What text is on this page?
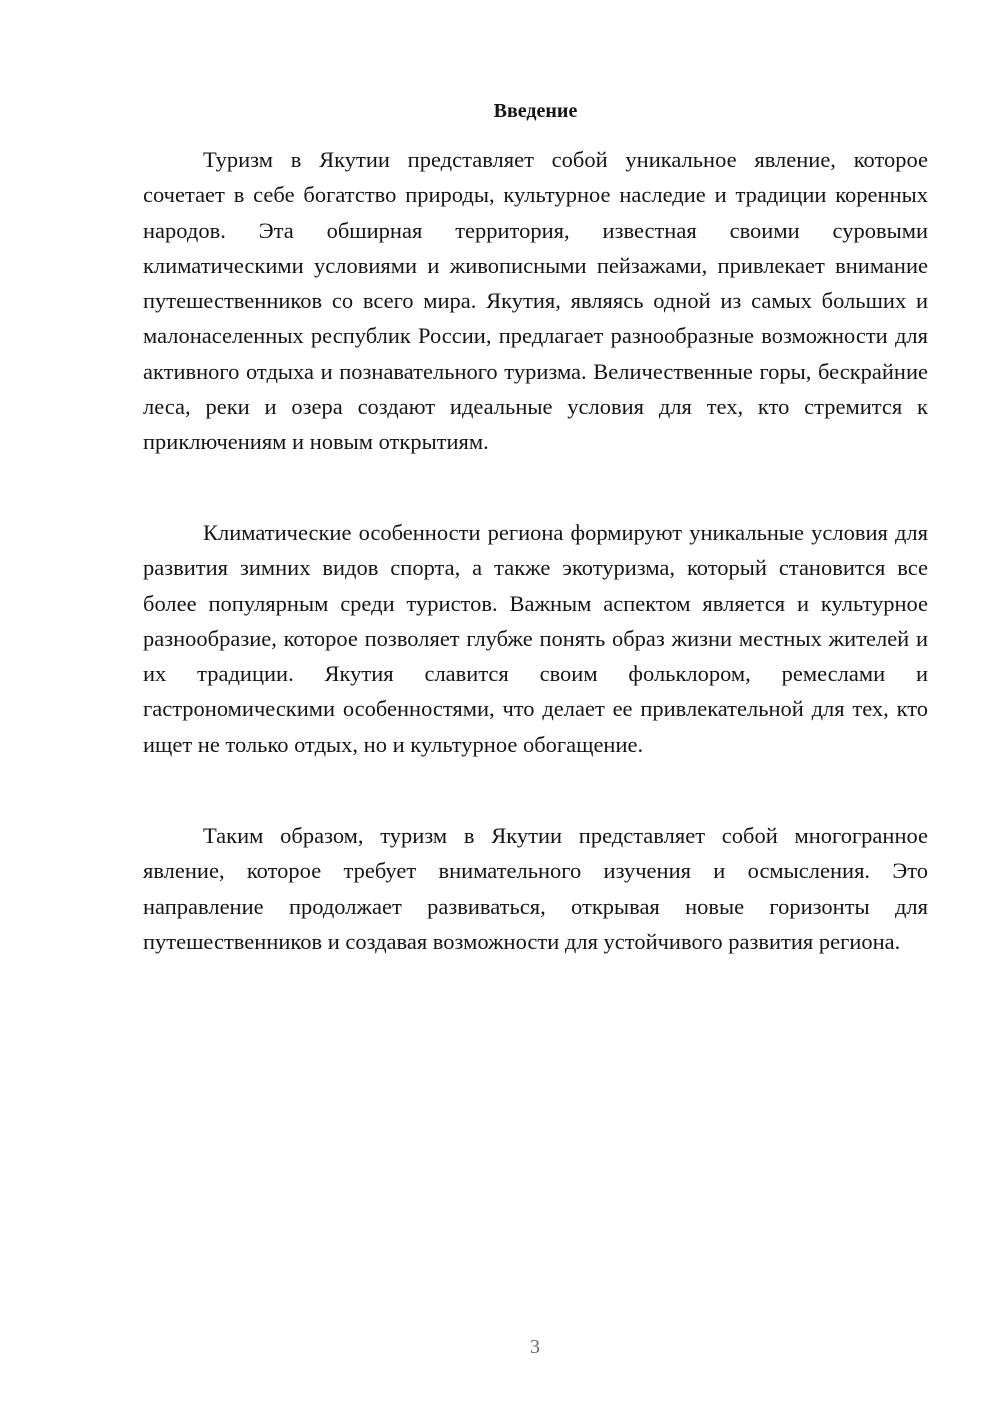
Введение

Туризм в Якутии представляет собой уникальное явление, которое сочетает в себе богатство природы, культурное наследие и традиции коренных народов. Эта обширная территория, известная своими суровыми климатическими условиями и живописными пейзажами, привлекает внимание путешественников со всего мира. Якутия, являясь одной из самых больших и малонаселенных республик России, предлагает разнообразные возможности для активного отдыха и познавательного туризма. Величественные горы, бескрайние леса, реки и озера создают идеальные условия для тех, кто стремится к приключениям и новым открытиям.

Климатические особенности региона формируют уникальные условия для развития зимних видов спорта, а также экотуризма, который становится все более популярным среди туристов. Важным аспектом является и культурное разнообразие, которое позволяет глубже понять образ жизни местных жителей и их традиции. Якутия славится своим фольклором, ремеслами и гастрономическими особенностями, что делает ее привлекательной для тех, кто ищет не только отдых, но и культурное обогащение.

Таким образом, туризм в Якутии представляет собой многогранное явление, которое требует внимательного изучения и осмысления. Это направление продолжает развиваться, открывая новые горизонты для путешественников и создавая возможности для устойчивого развития региона.

3
